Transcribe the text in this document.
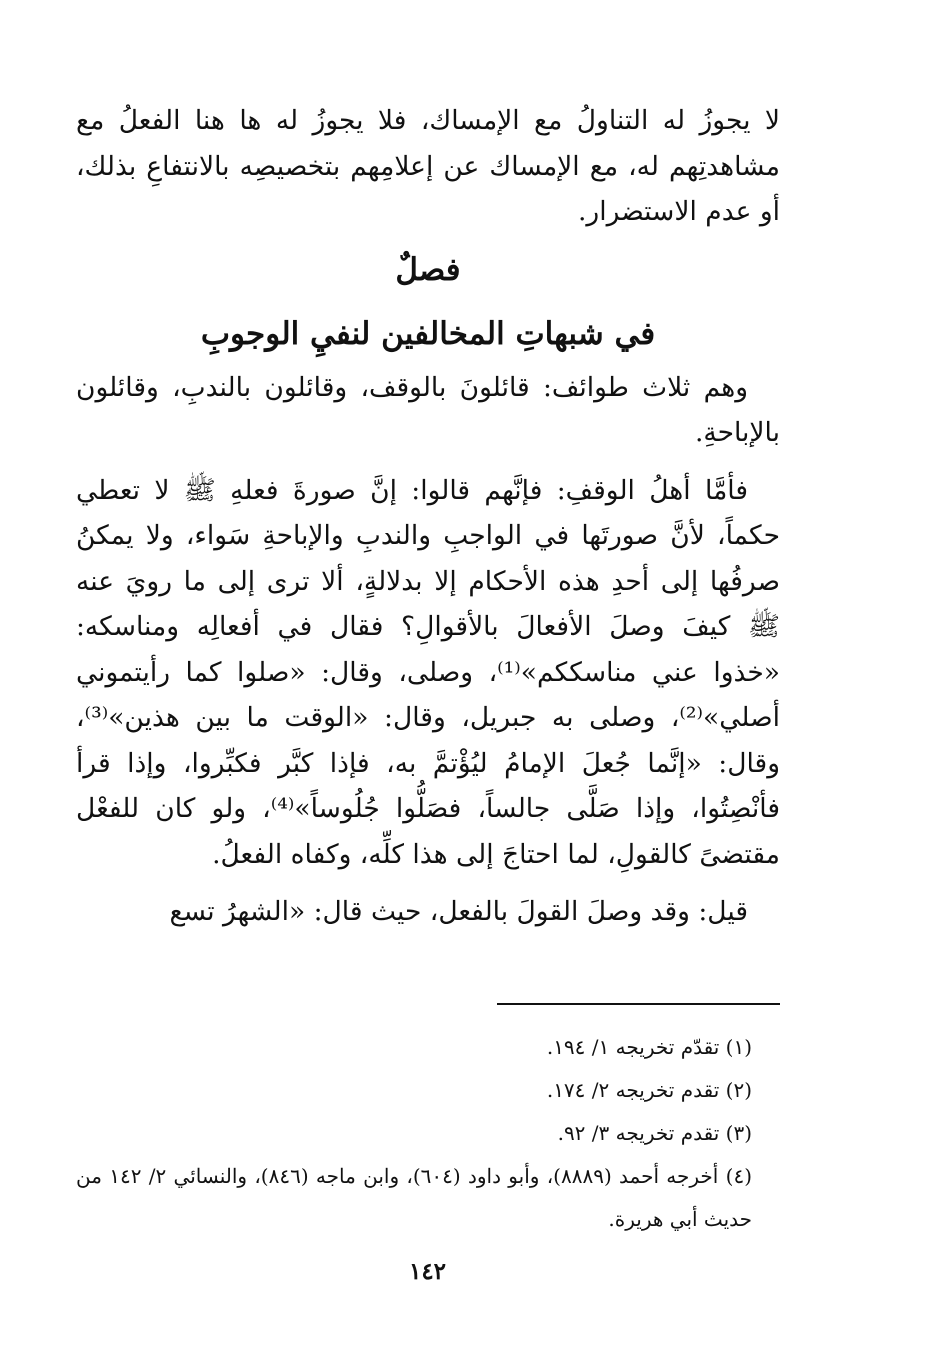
لا يجوزُ له التناولُ مع الإمساك، فلا يجوزُ له ها هنا الفعلُ مع مشاهدتِهم له، مع الإمساك عن إعلامِهم بتخصيصِه بالانتفاعِ بذلك، أو عدم الاستضرار.

فصلٌ

في شبهاتِ المخالفين لنفيِ الوجوبِ

وهم ثلاث طوائف: قائلونَ بالوقف، وقائلون بالندبِ، وقائلون بالإباحةِ.

فأمَّا أهلُ الوقفِ: فإنَّهم قالوا: إنَّ صورةَ فعلهِ ﷺ لا تعطي حكماً، لأنَّ صورتَها في الواجبِ والندبِ والإباحةِ سَواء، ولا يمكنُ صرفُها إلى أحدِ هذه الأحكام إلا بدلالةٍ، ألا ترى إلى ما رويَ عنه ﷺ كيفَ وصلَ الأفعالَ بالأقوالِ؟ فقال في أفعالِه ومناسكه: «خذوا عني مناسككم»⁽¹⁾، وصلى، وقال: «صلوا كما رأيتموني أصلي»⁽²⁾، وصلى به جبريل، وقال: «الوقت ما بين هذين»⁽³⁾، وقال: «إنَّما جُعلَ الإمامُ ليُؤْتمَّ به، فإذا كبَّر فكبِّروا، وإذا قرأ فأنْصِتُوا، وإذا صَلَّى جالساً، فصَلُّوا جُلُوساً»⁽⁴⁾، ولو كان للفعْل مقتضىً كالقولِ، لما احتاجَ إلى هذا كلِّه، وكفاه الفعلُ.

قيل: وقد وصلَ القولَ بالفعل، حيث قال: «الشهرُ تسع

(١) تقدّم تخريجه ١/ ١٩٤.

(٢) تقدم تخريجه ٢/ ١٧٤.

(٣) تقدم تخريجه ٣/ ٩٢.

(٤) أخرجه أحمد (٨٨٨٩)، وأبو داود (٦٠٤)، وابن ماجه (٨٤٦)، والنسائي ٢/ ١٤٢ من حديث أبي هريرة.

١٤٢
